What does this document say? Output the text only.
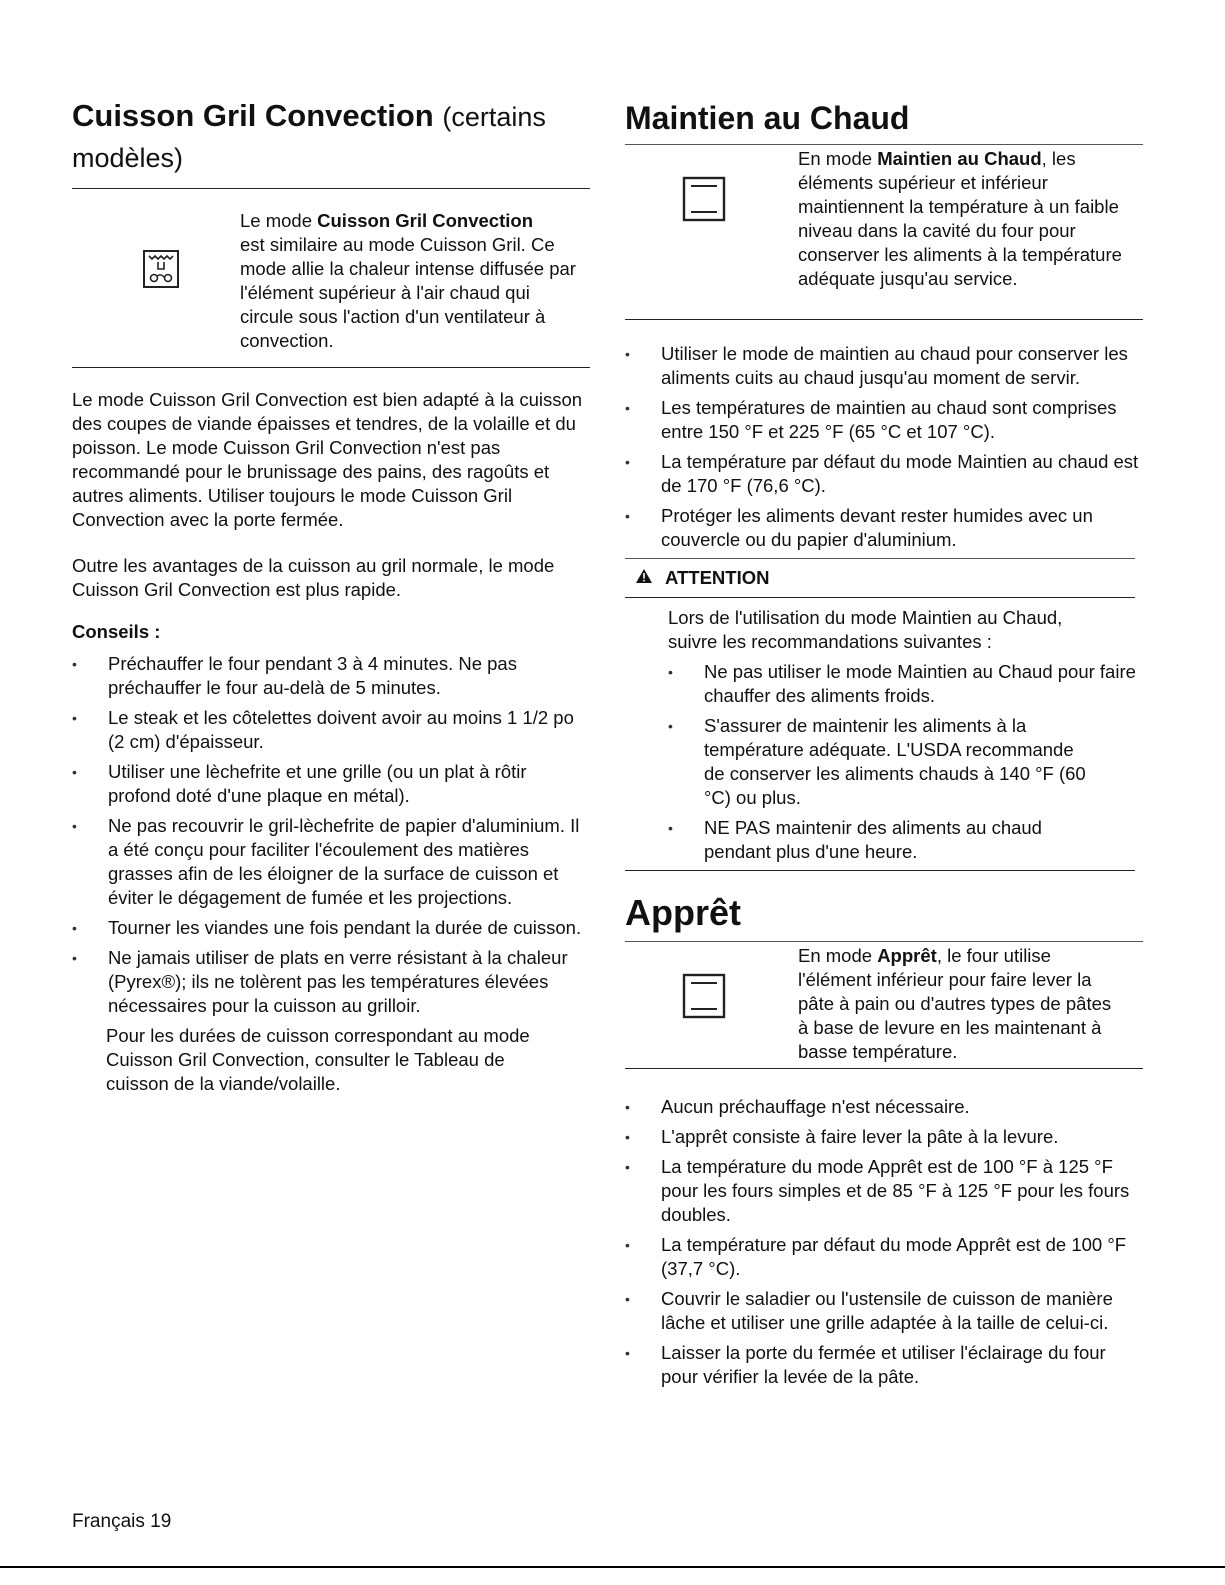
Cuisson Gril Convection (certains
modèles)
Le mode Cuisson Gril Convection
est similaire au mode Cuisson Gril. Ce mode allie la chaleur intense diffusée par l'élément supérieur à l'air chaud qui circule sous l'action d'un ventilateur à convection.

Le mode Cuisson Gril Convection est bien adapté à la cuisson des coupes de viande épaisses et tendres, de la volaille et du poisson. Le mode Cuisson Gril Convection n'est pas recommandé pour le brunissage des pains, des ragoûts et autres aliments. Utiliser toujours le mode Cuisson Gril Convection avec la porte fermée.

Outre les avantages de la cuisson au gril normale, le mode Cuisson Gril Convection est plus rapide.

Conseils :

• Préchauffer le four pendant 3 à 4 minutes. Ne pas préchauffer le four au-delà de 5 minutes.
• Le steak et les côtelettes doivent avoir au moins 1 1/2 po (2 cm) d'épaisseur.
• Utiliser une lèchefrite et une grille (ou un plat à rôtir profond doté d'une plaque en métal).
• Ne pas recouvrir le gril-lèchefrite de papier d'aluminium. Il a été conçu pour faciliter l'écoulement des matières grasses afin de les éloigner de la surface de cuisson et éviter le dégagement de fumée et les projections.
• Tourner les viandes une fois pendant la durée de cuisson.
• Ne jamais utiliser de plats en verre résistant à la chaleur (Pyrex®); ils ne tolèrent pas les températures élevées nécessaires pour la cuisson au grilloir.

Pour les durées de cuisson correspondant au mode Cuisson Gril Convection, consulter le Tableau de cuisson de la viande/volaille.

Maintien au Chaud
En mode Maintien au Chaud, les éléments supérieur et inférieur maintiennent la température à un faible niveau dans la cavité du four pour conserver les aliments à la température adéquate jusqu'au service.
• Utiliser le mode de maintien au chaud pour conserver les aliments cuits au chaud jusqu'au moment de servir.
• Les températures de maintien au chaud sont comprises entre 150 °F et 225 °F (65 °C et 107 °C).
• La température par défaut du mode Maintien au chaud est de 170 °F (76,6 °C).
• Protéger les aliments devant rester humides avec un couvercle ou du papier d'aluminium.
ATTENTION

Lors de l'utilisation du mode Maintien au Chaud, suivre les recommandations suivantes :

• Ne pas utiliser le mode Maintien au Chaud pour faire chauffer des aliments froids.
• S'assurer de maintenir les aliments à la température adéquate. L'USDA recommande de conserver les aliments chauds à 140 °F (60 °C) ou plus.
• NE PAS maintenir des aliments au chaud pendant plus d'une heure.
Apprêt
En mode Apprêt, le four utilise l'élément inférieur pour faire lever la pâte à pain ou d'autres types de pâtes à base de levure en les maintenant à basse température.
• Aucun préchauffage n'est nécessaire.
• L'apprêt consiste à faire lever la pâte à la levure.
• La température du mode Apprêt est de 100 °F à 125 °F pour les fours simples et de 85 °F à 125 °F pour les fours doubles.
• La température par défaut du mode Apprêt est de 100 °F (37,7 °C).
• Couvrir le saladier ou l'ustensile de cuisson de manière lâche et utiliser une grille adaptée à la taille de celui-ci.
• Laisser la porte du fermée et utiliser l'éclairage du four pour vérifier la levée de la pâte.
Français 19
